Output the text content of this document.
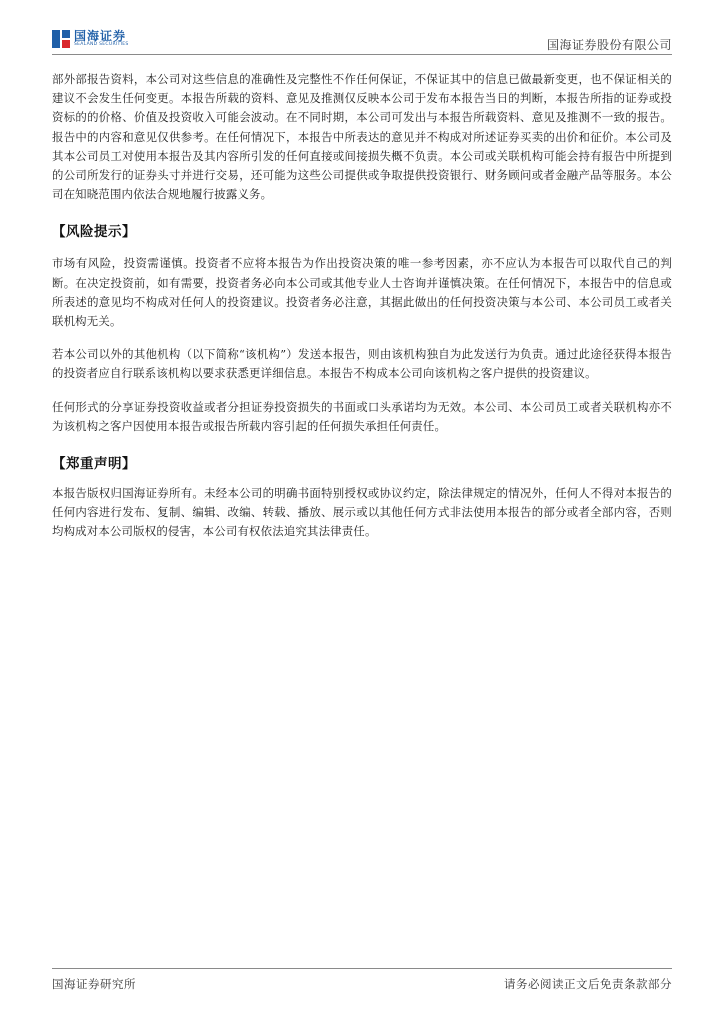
国海证券
SEALAND SECURITIES	国海证券股份有限公司

部外部报告资料，本公司对这些信息的准确性及完整性不作任何保证，不保证其中的信息已做最新变更，也不保证相关的建议不会发生任何变更。本报告所载的资料、意见及推测仅反映本公司于发布本报告当日的判断，本报告所指的证券或投资标的的价格、价值及投资收入可能会波动。在不同时期，本公司可发出与本报告所载资料、意见及推测不一致的报告。报告中的内容和意见仅供参考。在任何情况下，本报告中所表达的意见并不构成对所述证券买卖的出价和征价。本公司及其本公司员工对使用本报告及其内容所引发的任何直接或间接损失概不负责。本公司或关联机构可能会持有报告中所提到的公司所发行的证券头寸并进行交易，还可能为这些公司提供或争取提供投资银行、财务顾问或者金融产品等服务。本公司在知晓范围内依法合规地履行披露义务。

【风险提示】

市场有风险，投资需谨慎。投资者不应将本报告为作出投资决策的唯一参考因素，亦不应认为本报告可以取代自己的判断。在决定投资前，如有需要，投资者务必向本公司或其他专业人士咨询并谨慎决策。在任何情况下，本报告中的信息或所表述的意见均不构成对任何人的投资建议。投资者务必注意，其据此做出的任何投资决策与本公司、本公司员工或者关联机构无关。

若本公司以外的其他机构（以下简称“该机构”）发送本报告，则由该机构独自为此发送行为负责。通过此途径获得本报告的投资者应自行联系该机构以要求获悉更详细信息。本报告不构成本公司向该机构之客户提供的投资建议。

任何形式的分享证券投资收益或者分担证券投资损失的书面或口头承诺均为无效。本公司、本公司员工或者关联机构亦不为该机构之客户因使用本报告或报告所载内容引起的任何损失承担任何责任。

【郑重声明】

本报告版权归国海证券所有。未经本公司的明确书面特别授权或协议约定，除法律规定的情况外，任何人不得对本报告的任何内容进行发布、复制、编辑、改编、转载、播放、展示或以其他任何方式非法使用本报告的部分或者全部内容，否则均构成对本公司版权的侵害，本公司有权依法追究其法律责任。

国海证券研究所	请务必阅读正文后免责条款部分
